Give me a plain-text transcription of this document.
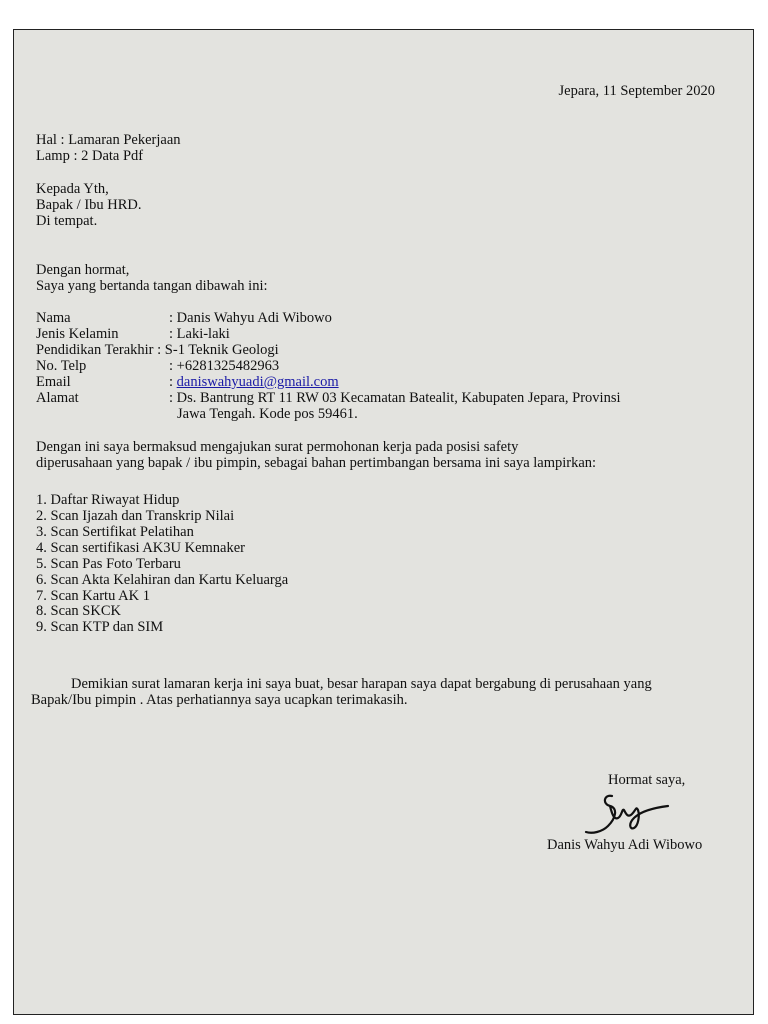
Jepara, 11 September 2020
Hal : Lamaran Pekerjaan
Lamp : 2 Data Pdf
Kepada Yth,
Bapak / Ibu HRD.
Di tempat.
Dengan hormat,
Saya yang bertanda tangan dibawah ini:
Nama	: Danis Wahyu Adi Wibowo
Jenis Kelamin	: Laki-laki
Pendidikan Terakhir : S-1 Teknik Geologi
No. Telp	: +6281325482963
Email	: daniswahyuadi@gmail.com
Alamat	: Ds. Bantrung RT 11 RW 03 Kecamatan Batealit, Kabupaten Jepara, Provinsi
Jawa Tengah. Kode pos 59461.
Dengan ini saya bermaksud mengajukan surat permohonan kerja pada posisi safety
diperusahaan yang bapak / ibu pimpin, sebagai bahan pertimbangan bersama ini saya lampirkan:
1. Daftar Riwayat Hidup
2. Scan Ijazah dan Transkrip Nilai
3. Scan Sertifikat Pelatihan
4. Scan sertifikasi AK3U Kemnaker
5. Scan Pas Foto Terbaru
6. Scan Akta Kelahiran dan Kartu Keluarga
7. Scan Kartu AK 1
8. Scan SKCK
9. Scan KTP dan SIM
Demikian surat lamaran kerja ini saya buat, besar harapan saya dapat bergabung di perusahaan yang
Bapak/Ibu pimpin . Atas perhatiannya saya ucapkan terimakasih.
Hormat saya,
Danis Wahyu Adi Wibowo
